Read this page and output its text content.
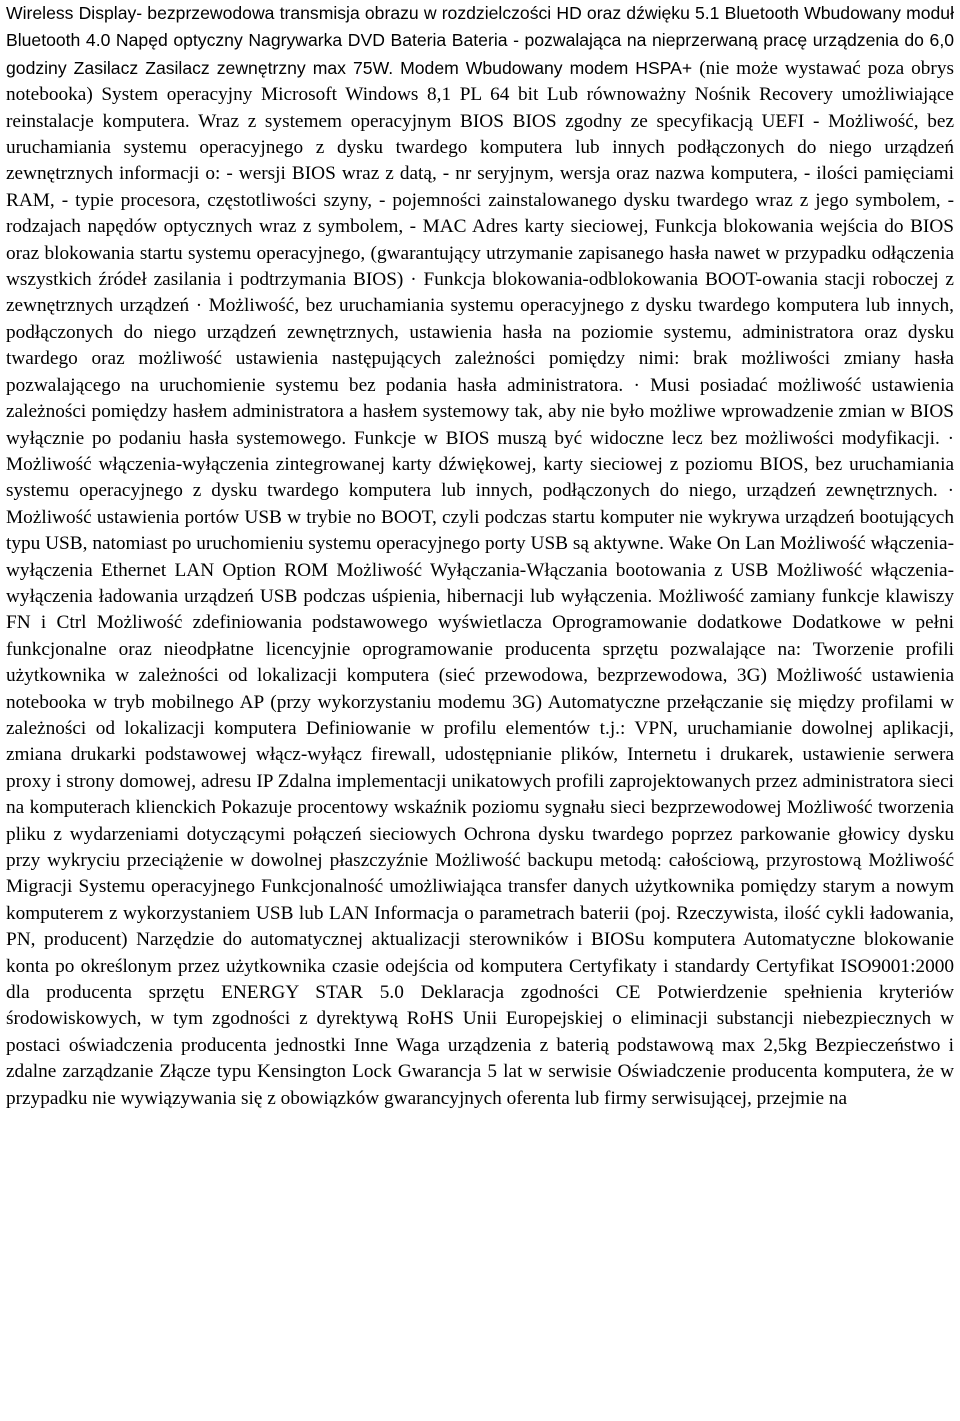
Wireless Display- bezprzewodowa transmisja obrazu w rozdzielczości HD oraz dźwięku 5.1 Bluetooth Wbudowany moduł Bluetooth 4.0 Napęd optyczny Nagrywarka DVD Bateria Bateria - pozwalająca na nieprzerwaną pracę urządzenia do 6,0 godziny Zasilacz Zasilacz zewnętrzny max 75W. Modem Wbudowany modem HSPA+ (nie może wystawać poza obrys notebooka) System operacyjny Microsoft Windows 8,1 PL 64 bit Lub równoważny Nośnik Recovery umożliwiające reinstalacje komputera. Wraz z systemem operacyjnym BIOS BIOS zgodny ze specyfikacją UEFI - Możliwość, bez uruchamiania systemu operacyjnego z dysku twardego komputera lub innych podłączonych do niego urządzeń zewnętrznych informacji o: - wersji BIOS wraz z datą, - nr seryjnym, wersja oraz nazwa komputera, - ilości pamięciami RAM, - typie procesora, częstotliwości szyny, - pojemności zainstalowanego dysku twardego wraz z jego symbolem, - rodzajach napędów optycznych wraz z symbolem, - MAC Adres karty sieciowej, Funkcja blokowania wejścia do BIOS oraz blokowania startu systemu operacyjnego, (gwarantujący utrzymanie zapisanego hasła nawet w przypadku odłączenia wszystkich źródeł zasilania i podtrzymania BIOS) · Funkcja blokowania-odblokowania BOOT-owania stacji roboczej z zewnętrznych urządzeń · Możliwość, bez uruchamiania systemu operacyjnego z dysku twardego komputera lub innych, podłączonych do niego urządzeń zewnętrznych, ustawienia hasła na poziomie systemu, administratora oraz dysku twardego oraz możliwość ustawienia następujących zależności pomiędzy nimi: brak możliwości zmiany hasła pozwalającego na uruchomienie systemu bez podania hasła administratora. · Musi posiadać możliwość ustawienia zależności pomiędzy hasłem administratora a hasłem systemowy tak, aby nie było możliwe wprowadzenie zmian w BIOS wyłącznie po podaniu hasła systemowego. Funkcje w BIOS muszą być widoczne lecz bez możliwości modyfikacji. · Możliwość włączenia-wyłączenia zintegrowanej karty dźwiękowej, karty sieciowej z poziomu BIOS, bez uruchamiania systemu operacyjnego z dysku twardego komputera lub innych, podłączonych do niego, urządzeń zewnętrznych. · Możliwość ustawienia portów USB w trybie no BOOT, czyli podczas startu komputer nie wykrywa urządzeń bootujących typu USB, natomiast po uruchomieniu systemu operacyjnego porty USB są aktywne. Wake On Lan Możliwość włączenia-wyłączenia Ethernet LAN Option ROM Możliwość Wyłączania-Włączania bootowania z USB Możliwość włączenia-wyłączenia ładowania urządzeń USB podczas uśpienia, hibernacji lub wyłączenia. Możliwość zamiany funkcje klawiszy FN i Ctrl Możliwość zdefiniowania podstawowego wyświetlacza Oprogramowanie dodatkowe Dodatkowe w pełni funkcjonalne oraz nieodpłatne licencyjnie oprogramowanie producenta sprzętu pozwalające na: Tworzenie profili użytkownika w zależności od lokalizacji komputera (sieć przewodowa, bezprzewodowa, 3G) Możliwość ustawienia notebooka w tryb mobilnego AP (przy wykorzystaniu modemu 3G) Automatyczne przełączanie się między profilami w zależności od lokalizacji komputera Definiowanie w profilu elementów t.j.: VPN, uruchamianie dowolnej aplikacji, zmiana drukarki podstawowej włącz-wyłącz firewall, udostępnianie plików, Internetu i drukarek, ustawienie serwera proxy i strony domowej, adresu IP Zdalna implementacji unikatowych profili zaprojektowanych przez administratora sieci na komputerach klienckich Pokazuje procentowy wskaźnik poziomu sygnału sieci bezprzewodowej Możliwość tworzenia pliku z wydarzeniami dotyczącymi połączeń sieciowych Ochrona dysku twardego poprzez parkowanie głowicy dysku przy wykryciu przeciążenie w dowolnej płaszczyźnie Możliwość backupu metodą: całościową, przyrostową Możliwość Migracji Systemu operacyjnego Funkcjonalność umożliwiająca transfer danych użytkownika pomiędzy starym a nowym komputerem z wykorzystaniem USB lub LAN Informacja o parametrach baterii (poj. Rzeczywista, ilość cykli ładowania, PN, producent) Narzędzie do automatycznej aktualizacji sterowników i BIOSu komputera Automatyczne blokowanie konta po określonym przez użytkownika czasie odejścia od komputera Certyfikaty i standardy Certyfikat ISO9001:2000 dla producenta sprzętu ENERGY STAR 5.0 Deklaracja zgodności CE Potwierdzenie spełnienia kryteriów środowiskowych, w tym zgodności z dyrektywą RoHS Unii Europejskiej o eliminacji substancji niebezpiecznych w postaci oświadczenia producenta jednostki Inne Waga urządzenia z baterią podstawową max 2,5kg Bezpieczeństwo i zdalne zarządzanie Złącze typu Kensington Lock Gwarancja 5 lat w serwisie Oświadczenie producenta komputera, że w przypadku nie wywiązywania się z obowiązków gwarancyjnych oferenta lub firmy serwisującej, przejmie na
